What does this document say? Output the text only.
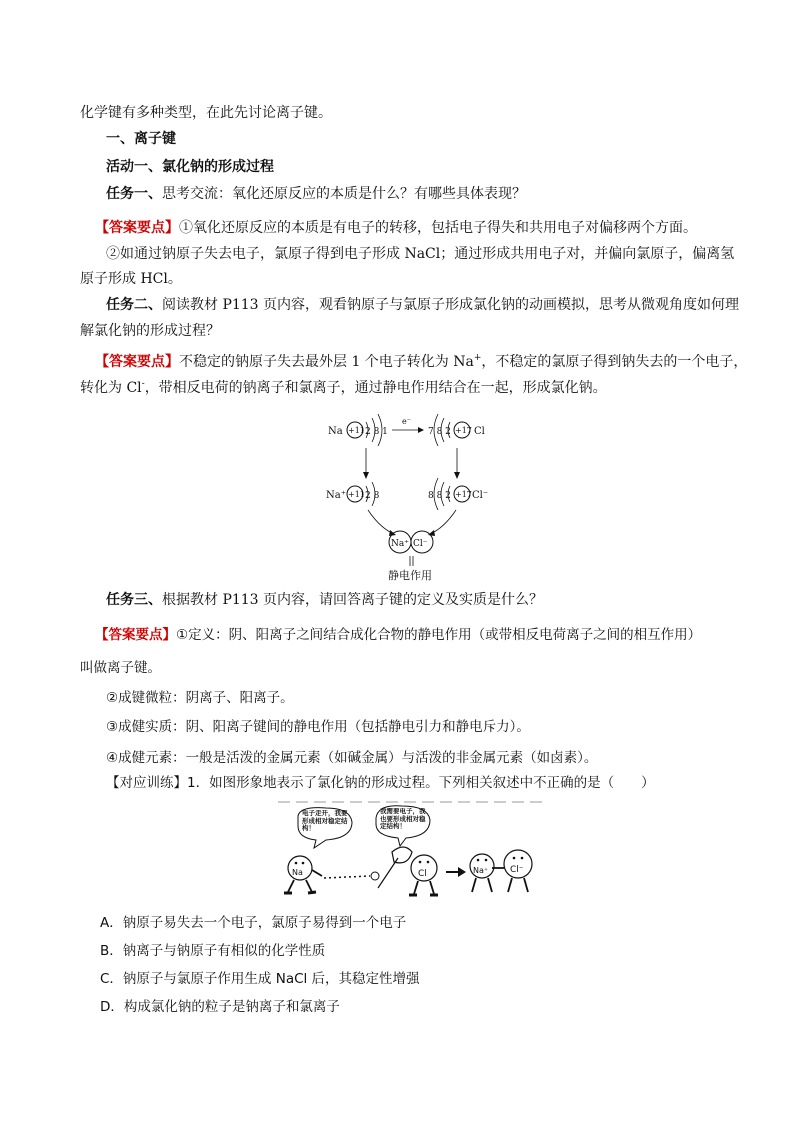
化学键有多种类型，在此先讨论离子键。
一、离子键
活动一、氯化钠的形成过程
任务一、思考交流：氧化还原反应的本质是什么？有哪些具体表现？
【答案要点】①氧化还原反应的本质是有电子的转移，包括电子得失和共用电子对偏移两个方面。
②如通过钠原子失去电子，氯原子得到电子形成 NaCl；通过形成共用电子对，并偏向氯原子，偏离氢
原子形成 HCl。
任务二、阅读教材 P113 页内容，观看钠原子与氯原子形成氯化钠的动画模拟，思考从微观角度如何理
解氯化钠的形成过程？
【答案要点】不稳定的钠原子失去最外层 1 个电子转化为 Na+，不稳定的氯原子得到钠失去的一个电子，
转化为 Cl-，带相反电荷的钠离子和氯离子，通过静电作用结合在一起，形成氯化钠。
Na +11 2 8 1
e⁻
7 8 2 +17 Cl
Na⁺ +11 2 8	8 8 2 +17 Cl⁻
Na⁺ Cl⁻
静电作用
任务三、根据教材 P113 页内容，请回答离子键的定义及实质是什么？
【答案要点】①定义：阴、阳离子之间结合成化合物的静电作用（或带相反电荷离子之间的相互作用）
叫做离子键。
②成键微粒：阴离子、阳离子。
③成健实质：阴、阳离子键间的静电作用（包括静电引力和静电斥力）。
④成健元素：一般是活泼的金属元素（如碱金属）与活泼的非金属元素（如卤素）。
【对应训练】1．如图形象地表示了氯化钠的形成过程。下列相关叙述中不正确的是（　　）
电子走开，我要形成相对稳定结构！
Na
我需要电子，我也要形成相对稳定结构！
Cl	Na⁺ Cl⁻
A．钠原子易失去一个电子，氯原子易得到一个电子
B．钠离子与钠原子有相似的化学性质
C．钠原子与氯原子作用生成 NaCl 后，其稳定性增强
D．构成氯化钠的粒子是钠离子和氯离子
